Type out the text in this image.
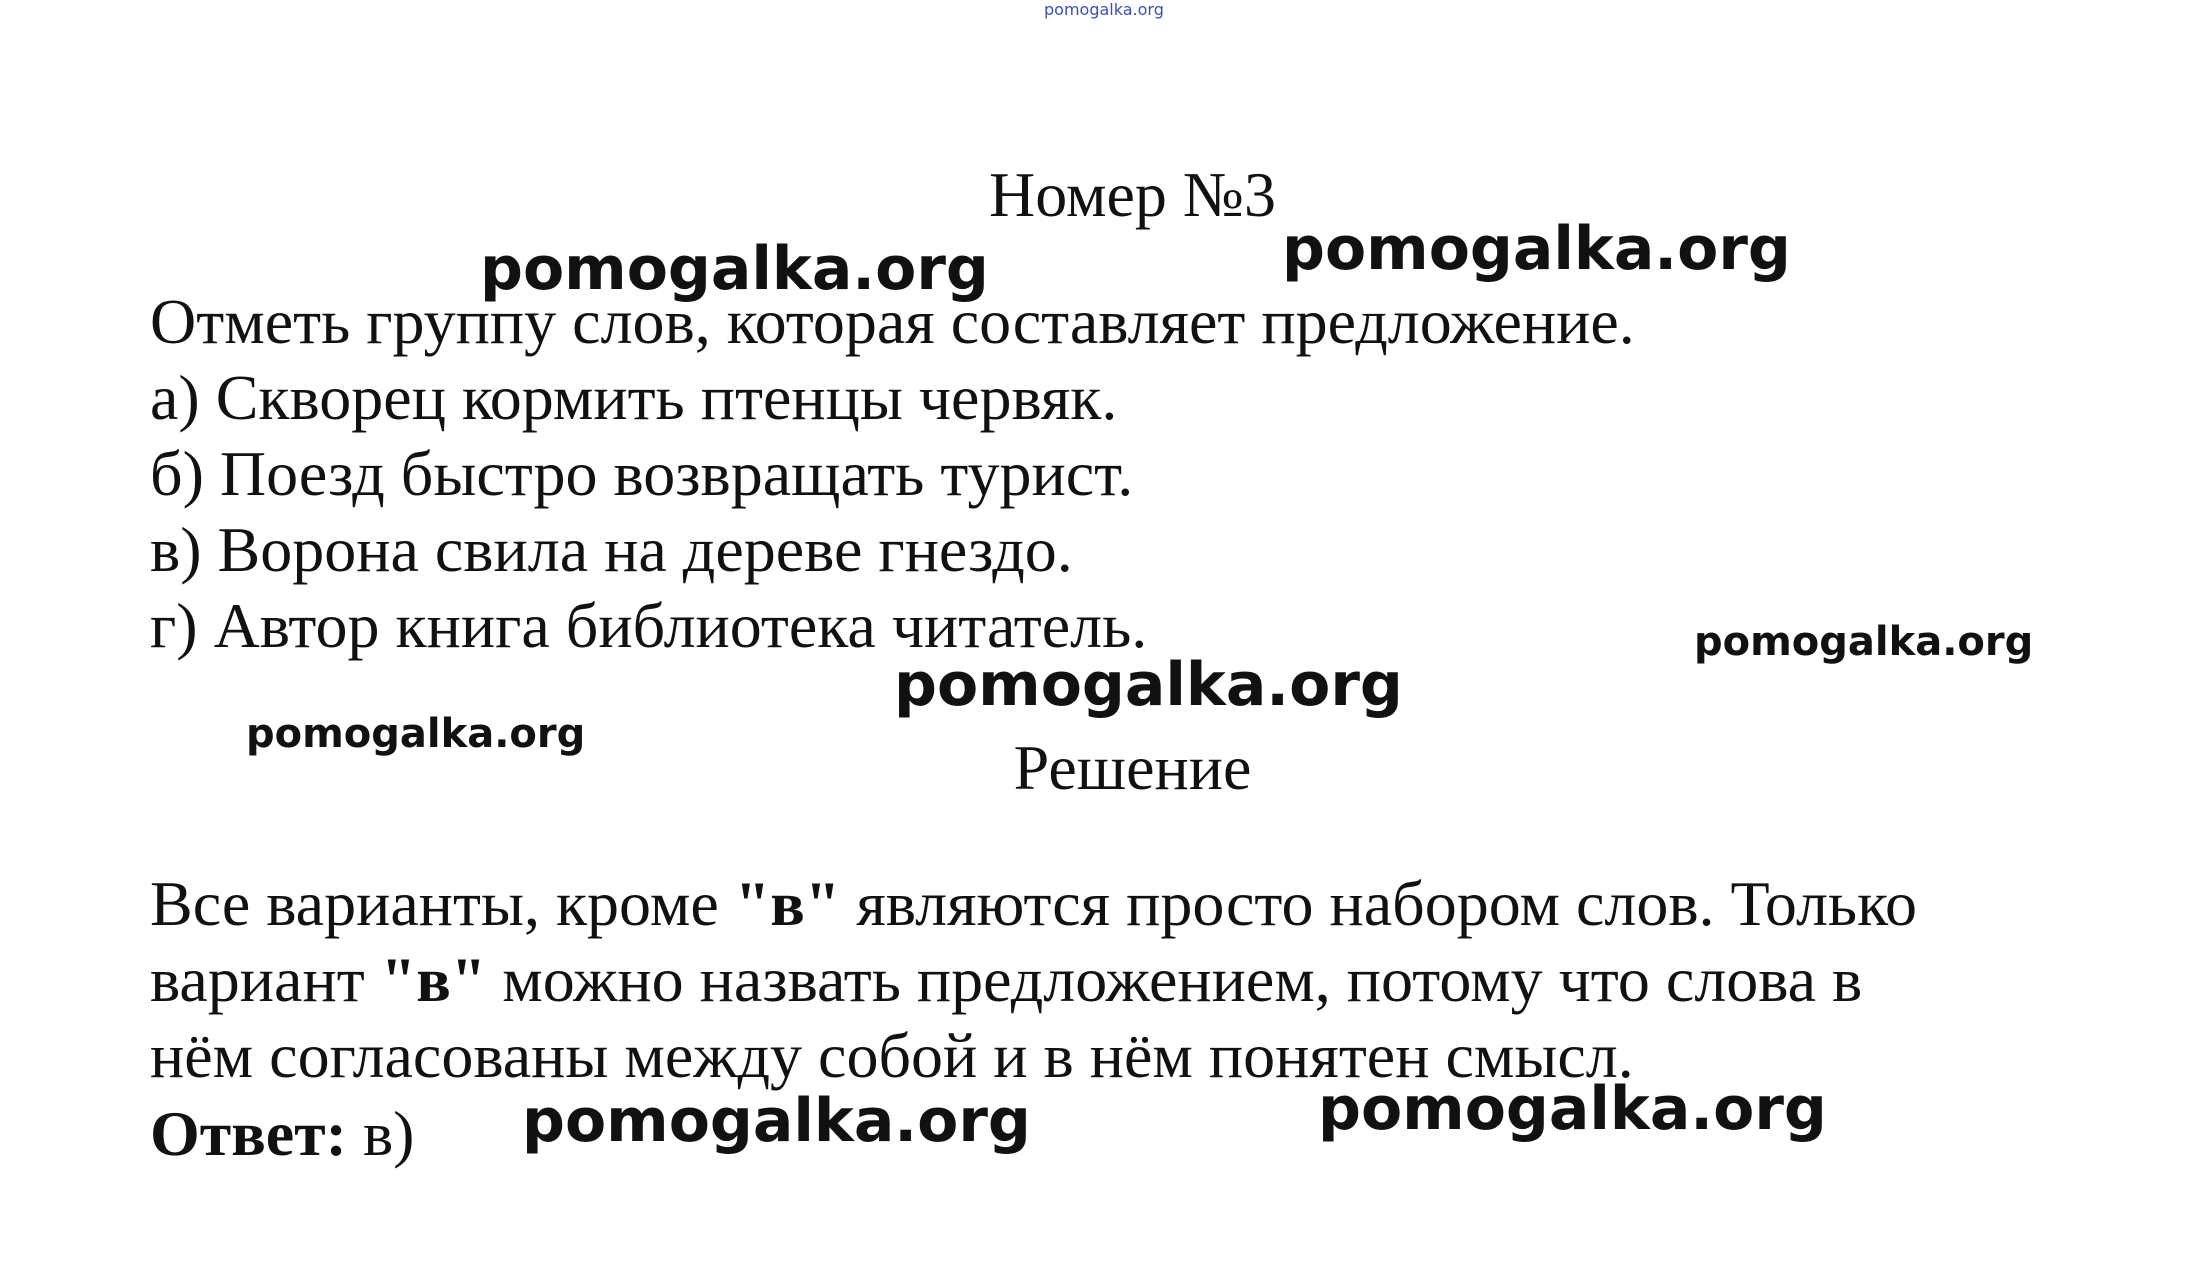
pomogalka.org
Номер №3
pomogalka.org	pomogalka.org
Отметь группу слов, которая составляет предложение.
а) Скворец кормить птенцы червяк.
б) Поезд быстро возвращать турист.
в) Ворона свила на дереве гнездо.
г) Автор книга библиотека читатель.	pomogalka.org
pomogalka.org
pomogalka.org	Решение
Все варианты, кроме "в" являются просто набором слов. Только
вариант "в" можно назвать предложением, потому что слова в
нём согласованы между собой и в нём понятен смысл.
Ответ: в) pomogalka.org	pomogalka.org
